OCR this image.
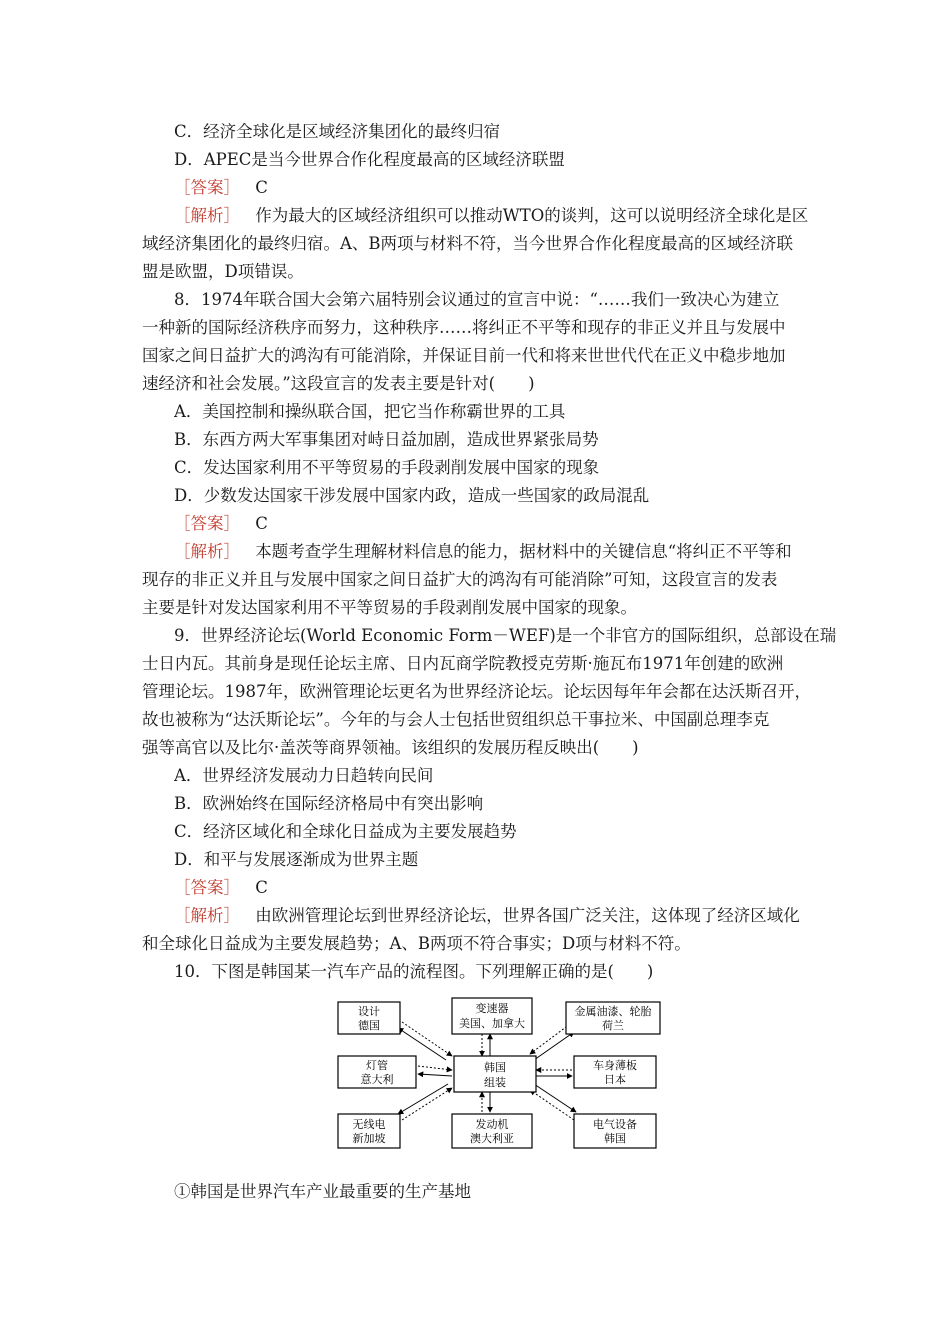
C．经济全球化是区域经济集团化的最终归宿
D．APEC是当今世界合作化程度最高的区域经济联盟
［答案］ C
［解析］ 作为最大的区域经济组织可以推动WTO的谈判，这可以说明经济全球化是区
域经济集团化的最终归宿。A、B两项与材料不符，当今世界合作化程度最高的区域经济联
盟是欧盟，D项错误。
8．1974年联合国大会第六届特别会议通过的宣言中说：“……我们一致决心为建立
一种新的国际经济秩序而努力，这种秩序……将纠正不平等和现存的非正义并且与发展中
国家之间日益扩大的鸿沟有可能消除，并保证目前一代和将来世世代代在正义中稳步地加
速经济和社会发展。”这段宣言的发表主要是针对(　　)
A．美国控制和操纵联合国，把它当作称霸世界的工具
B．东西方两大军事集团对峙日益加剧，造成世界紧张局势
C．发达国家利用不平等贸易的手段剥削发展中国家的现象
D．少数发达国家干涉发展中国家内政，造成一些国家的政局混乱
［答案］ C
［解析］ 本题考查学生理解材料信息的能力，据材料中的关键信息“将纠正不平等和
现存的非正义并且与发展中国家之间日益扩大的鸿沟有可能消除”可知，这段宣言的发表
主要是针对发达国家利用不平等贸易的手段剥削发展中国家的现象。
9．世界经济论坛(World Economic Form－WEF)是一个非官方的国际组织，总部设在瑞
士日内瓦。其前身是现任论坛主席、日内瓦商学院教授克劳斯·施瓦布1971年创建的欧洲
管理论坛。1987年，欧洲管理论坛更名为世界经济论坛。论坛因每年年会都在达沃斯召开，
故也被称为“达沃斯论坛”。今年的与会人士包括世贸组织总干事拉米、中国副总理李克
强等高官以及比尔·盖茨等商界领袖。该组织的发展历程反映出(　　)
A．世界经济发展动力日趋转向民间
B．欧洲始终在国际经济格局中有突出影响
C．经济区域化和全球化日益成为主要发展趋势
D．和平与发展逐渐成为世界主题
［答案］ C
［解析］ 由欧洲管理论坛到世界经济论坛，世界各国广泛关注，这体现了经济区域化
和全球化日益成为主要发展趋势；A、B两项不符合事实；D项与材料不符。
10．下图是韩国某一汽车产品的流程图。下列理解正确的是(　　)
设计
德国
变速器
美国、加拿大
金属油漆、轮胎
荷兰
灯管
意大利
韩国
组装
车身薄板
日本
无线电
新加坡
发动机
澳大利亚
电气设备
韩国
①韩国是世界汽车产业最重要的生产基地
